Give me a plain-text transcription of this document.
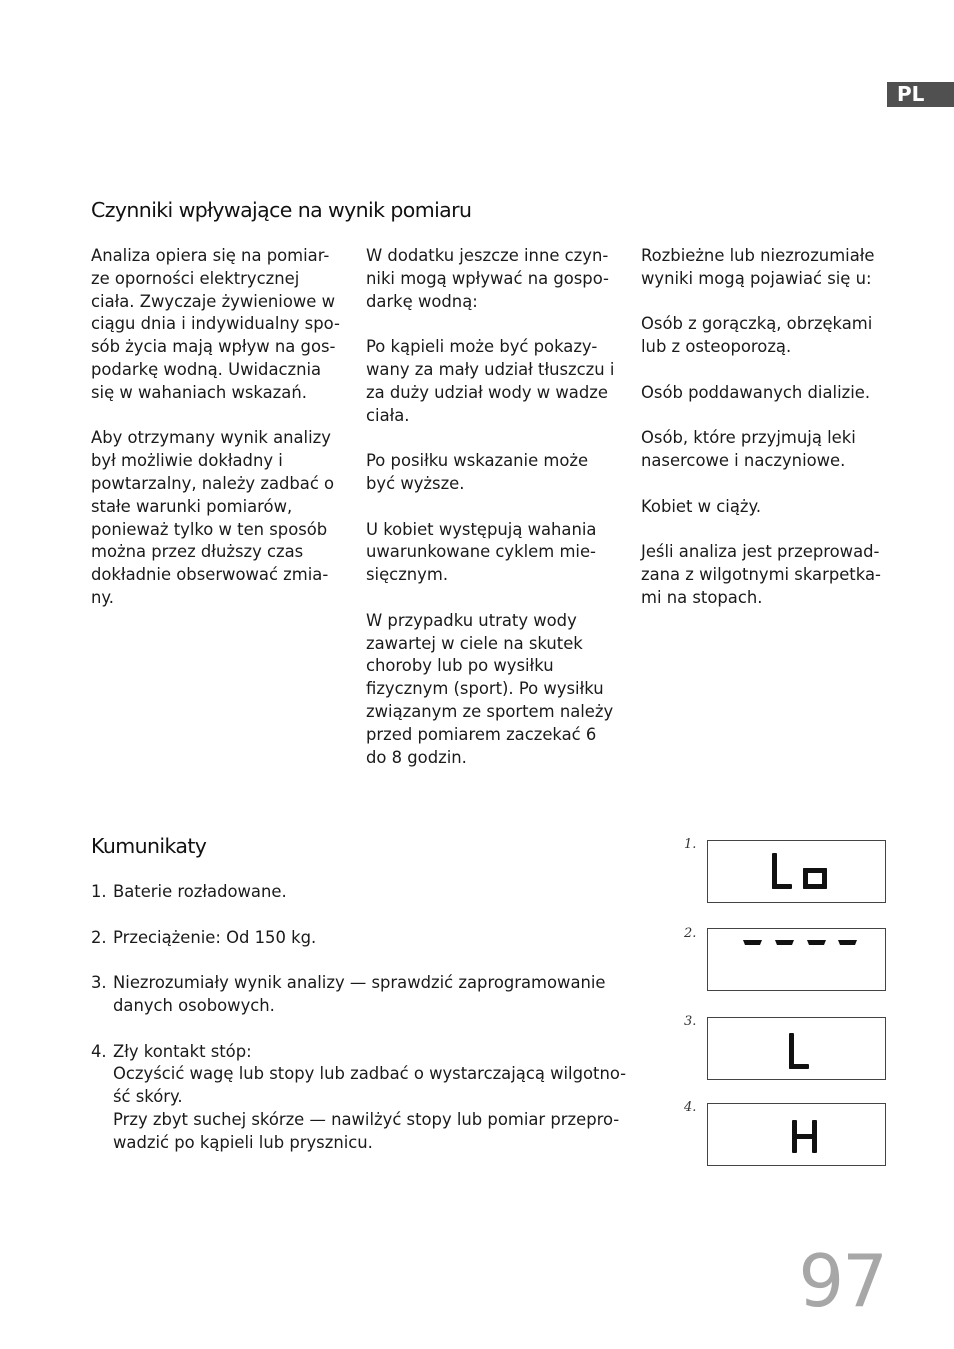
PL
Czynniki wpływające na wynik pomiaru

Analiza opiera się na pomiar-
ze oporności elektrycznej
ciała. Zwyczaje żywieniowe w
ciągu dnia i indywidualny spo-
sób życia mają wpływ na gos-
podarkę wodną. Uwidacznia
się w wahaniach wskazań.

Aby otrzymany wynik analizy
był możliwie dokładny i
powtarzalny, należy zadbać o
stałe warunki pomiarów,
ponieważ tylko w ten sposób
można przez dłuższy czas
dokładnie obserwować zmia-
ny.

W dodatku jeszcze inne czyn-
niki mogą wpływać na gospo-
darkę wodną:

Po kąpieli może być pokazy-
wany za mały udział tłuszczu i
za duży udział wody w wadze
ciała.

Po posiłku wskazanie może
być wyższe.

U kobiet występują wahania
uwarunkowane cyklem mie-
sięcznym.

W przypadku utraty wody
zawartej w ciele na skutek
choroby lub po wysiłku
fizycznym (sport). Po wysiłku
związanym ze sportem należy
przed pomiarem zaczekać 6
do 8 godzin.

Rozbieżne lub niezrozumiałe
wyniki mogą pojawiać się u:

Osób z gorączką, obrzękami
lub z osteoporozą.

Osób poddawanych dializie.

Osób, które przyjmują leki
nasercowe i naczyniowe.

Kobiet w ciąży.

Jeśli analiza jest przeprowad-
zana z wilgotnymi skarpetka-
mi na stopach.

Kumunikaty
1. Baterie rozładowane.
2. Przeciążenie: Od 150 kg.
3. Niezrozumiały wynik analizy — sprawdzić zaprogramowanie
danych osobowych.
4. Zły kontakt stóp:
Oczyścić wagę lub stopy lub zadbać o wystarczającą wilgotno-
ść skóry.
Przy zbyt suchej skórze — nawilżyć stopy lub pomiar przepro-
wadzić po kąpieli lub prysznicu.
1.
2.
3.
4.
97
